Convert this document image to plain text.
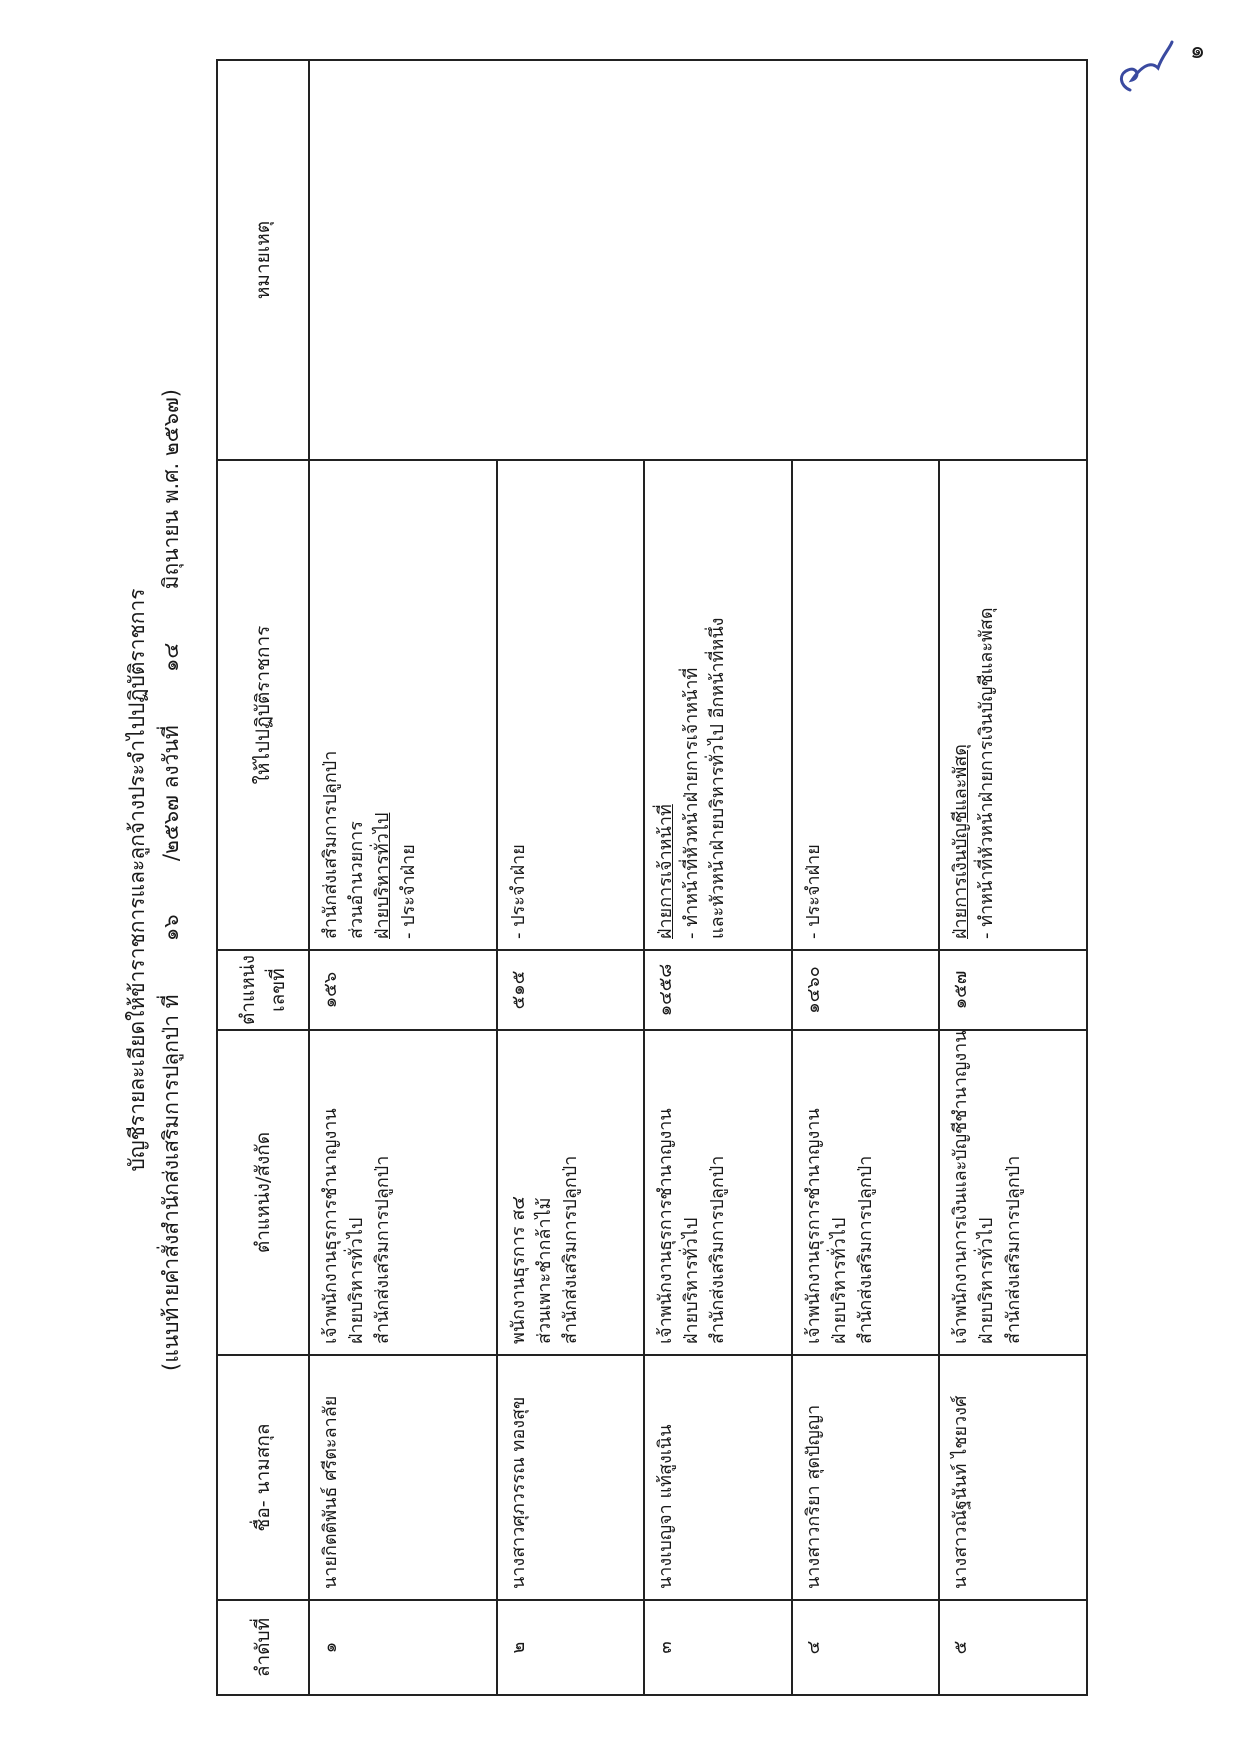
๑
บัญชีรายละเอียดให้ข้าราชการและลูกจ้างประจำไปปฏิบัติราชการ
(แนบท้ายคำสั่งสำนักส่งเสริมการปลูกป่า ที่  ๑๖  /๒๕๖๗ ลงวันที่  ๑๔  มิถุนายน พ.ศ. ๒๕๖๗)
ลำดับที่	ชื่อ- นามสกุล	ตำแหน่ง/สังกัด	ตำแหน่ง เลขที่	ให้ไปปฏิบัติราชการ	หมายเหตุ
๑	นายกิตติพันธ์ ศรีตะลาลัย	เจ้าพนักงานธุรการชำนาญงาน ฝ่ายบริหารทั่วไป สำนักส่งเสริมการปลูกป่า	๑๕๖	สำนักส่งเสริมการปลูกป่า ส่วนอำนวยการ ฝ่ายบริหารทั่วไป - ประจำฝ่าย	

๒	นางสาวศุภวรรณ ทองสุข	พนักงานธุรการ ส๔ ส่วนเพาะชำกล้าไม้ สำนักส่งเสริมการปลูกป่า	๕๑๕	- ประจำฝ่าย	

๓	นางเบญจา แท้สูงเนิน	เจ้าพนักงานธุรการชำนาญงาน ฝ่ายบริหารทั่วไป สำนักส่งเสริมการปลูกป่า	๑๔๕๘	ฝ่ายการเจ้าหน้าที่ - ทำหน้าที่หัวหน้าฝ่ายการเจ้าหน้าที่ และหัวหน้าฝ่ายบริหารทั่วไป อีกหน้าที่หนึ่ง	

๔	นางสาวกริยา สุดปัญญา	เจ้าพนักงานธุรการชำนาญงาน ฝ่ายบริหารทั่วไป สำนักส่งเสริมการปลูกป่า	๑๔๖๐	- ประจำฝ่าย	

๕	นางสาวณัฐนันท์ ไชยวงศ์	เจ้าพนักงานการเงินและบัญชีชำนาญงาน ฝ่ายบริหารทั่วไป สำนักส่งเสริมการปลูกป่า	๑๕๗	ฝ่ายการเงินบัญชีและพัสดุ - ทำหน้าที่หัวหน้าฝ่ายการเงินบัญชีและพัสดุ	
